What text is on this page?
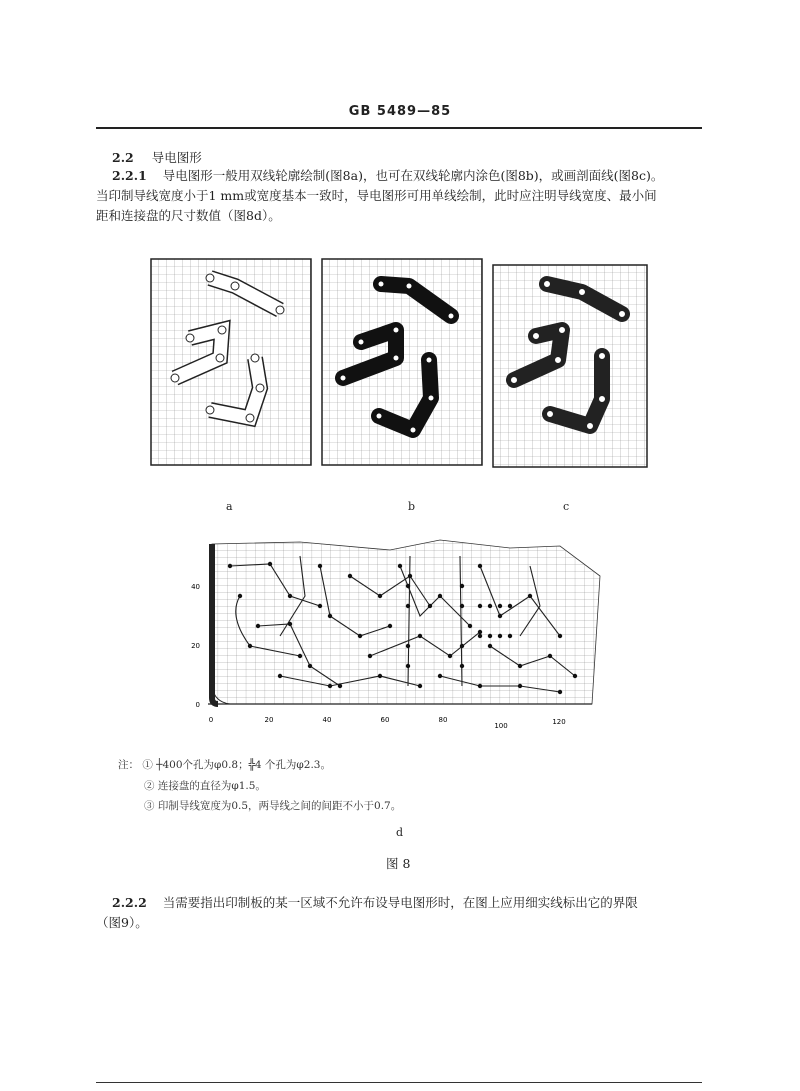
GB 5489—85
2.2 导电图形
2.2.1 导电图形一般用双线轮廓绘制(图8a)，也可在双线轮廓内涂色(图8b)，或画剖面线(图8c)。
当印制导线宽度小于1 mm或宽度基本一致时，导电图形可用单线绘制，此时应注明导线宽度、最小间
距和连接盘的尺寸数值（图8d）。
a	b	c
0
20
40
0	20	40	60	80
100	120
注： ① ┼400个孔为φ0.8；╬4 个孔为φ2.3。
② 连接盘的直径为φ1.5。
③ 印制导线宽度为0.5，两导线之间的间距不小于0.7。
d
图 8
2.2.2 当需要指出印制板的某一区域不允许布设导电图形时，在图上应用细实线标出它的界限
（图9）。
